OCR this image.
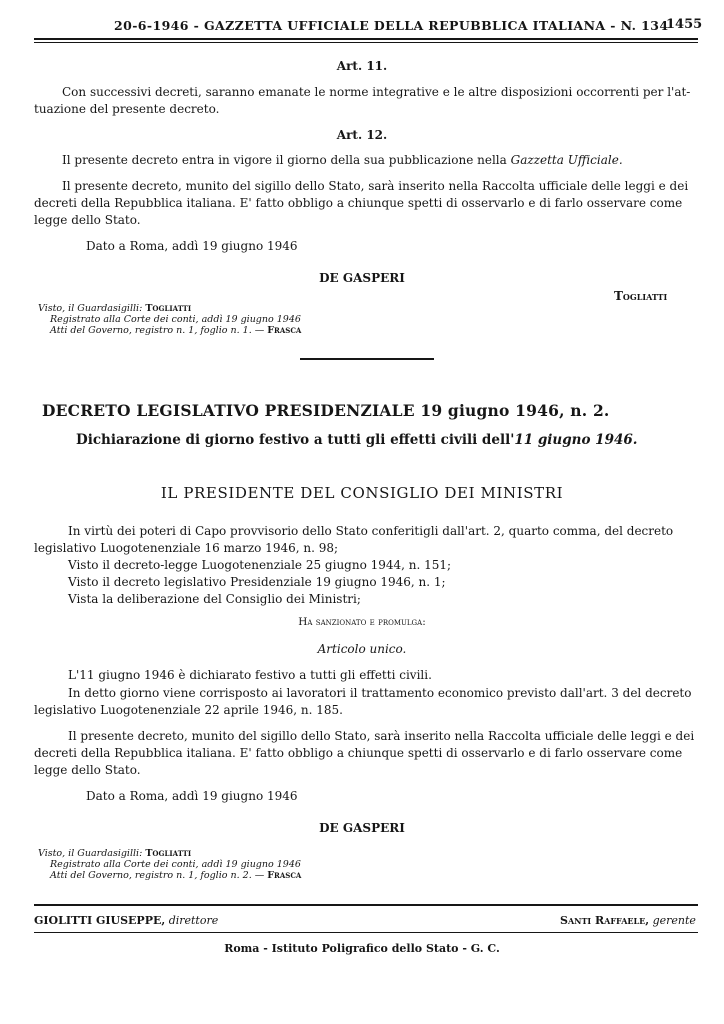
20-6-1946 - GAZZETTA UFFICIALE DELLA REPUBBLICA ITALIANA - N. 134
1455
Art. 11.
Con successivi decreti, saranno emanate le norme integrative e le altre disposizioni occorrenti per l'at-
tuazione del presente decreto.
Art. 12.
Il presente decreto entra in vigore il giorno della sua pubblicazione nella Gazzetta Ufficiale.
Il presente decreto, munito del sigillo dello Stato, sarà inserito nella Raccolta ufficiale delle leggi e dei
decreti della Repubblica italiana. E' fatto obbligo a chiunque spetti di osservarlo e di farlo osservare come
legge dello Stato.
Dato a Roma, addì 19 giugno 1946
DE GASPERI
Togliatti
Visto, il Guardasigilli: Togliatti
Registrato alla Corte dei conti, addì 19 giugno 1946
Atti del Governo, registro n. 1, foglio n. 1. — Frasca
DECRETO LEGISLATIVO PRESIDENZIALE 19 giugno 1946, n. 2.
Dichiarazione di giorno festivo a tutti gli effetti civili dell'11 giugno 1946.
IL PRESIDENTE DEL CONSIGLIO DEI MINISTRI
In virtù dei poteri di Capo provvisorio dello Stato conferitigli dall'art. 2, quarto comma, del decreto
legislativo Luogotenenziale 16 marzo 1946, n. 98;
Visto il decreto-legge Luogotenenziale 25 giugno 1944, n. 151;
Visto il decreto legislativo Presidenziale 19 giugno 1946, n. 1;
Vista la deliberazione del Consiglio dei Ministri;
Ha sanzionato e promulga:
Articolo unico.
L'11 giugno 1946 è dichiarato festivo a tutti gli effetti civili.
In detto giorno viene corrisposto ai lavoratori il trattamento economico previsto dall'art. 3 del decreto
legislativo Luogotenenziale 22 aprile 1946, n. 185.
Il presente decreto, munito del sigillo dello Stato, sarà inserito nella Raccolta ufficiale delle leggi e dei
decreti della Repubblica italiana. E' fatto obbligo a chiunque spetti di osservarlo e di farlo osservare come
legge dello Stato.
Dato a Roma, addì 19 giugno 1946
DE GASPERI
Visto, il Guardasigilli: Togliatti
Registrato alla Corte dei conti, addì 19 giugno 1946
Atti del Governo, registro n. 1, foglio n. 2. — Frasca
GIOLITTI GIUSEPPE, direttore	Santi Raffaele, gerente
Roma - Istituto Poligrafico dello Stato - G. C.
